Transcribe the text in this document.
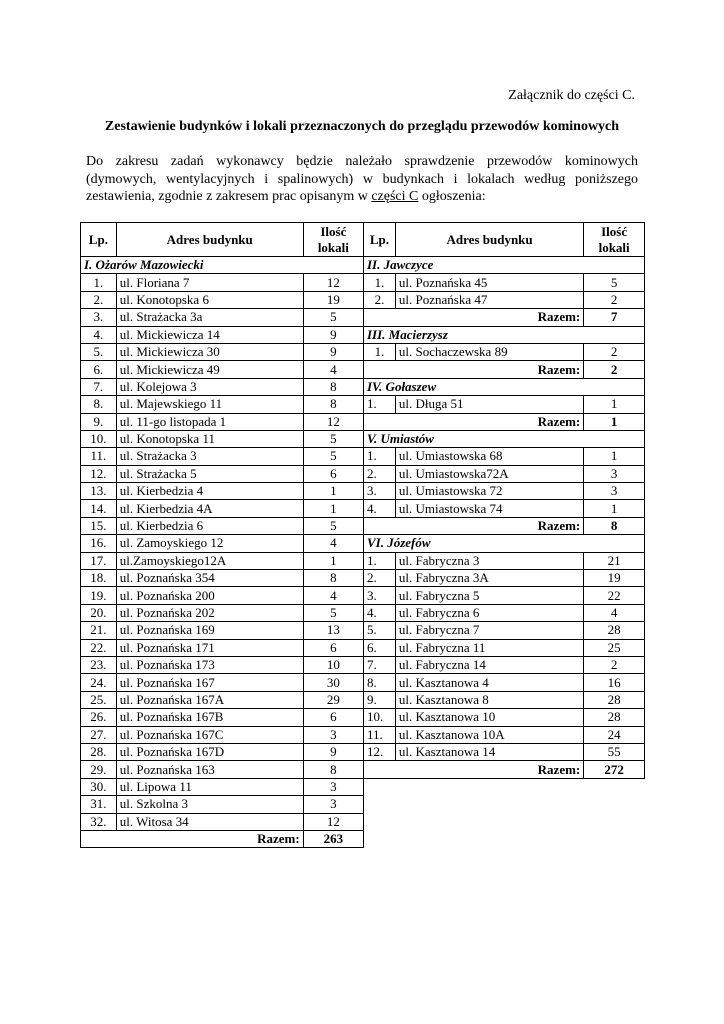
Załącznik do części C.
Zestawienie budynków i lokali przeznaczonych do przeglądu przewodów kominowych
Do zakresu zadań wykonawcy będzie należało sprawdzenie przewodów kominowych (dymowych, wentylacyjnych i spalinowych) w budynkach i lokalach według poniższego zestawienia, zgodnie z zakresem prac opisanym w części C ogłoszenia:
Lp.	Adres budynku	Ilość
lokali
I. Ożarów Mazowiecki		
1.	ul. Floriana 7	12
2.	ul. Konotopska 6	19
3.	ul. Strażacka 3a	5
4.	ul. Mickiewicza 14	9
5.	ul. Mickiewicza 30	9
6.	ul. Mickiewicza 49	4
7.	ul. Kolejowa 3	8
8.	ul. Majewskiego 11	8
9.	ul. 11-go listopada 1	12
10.	ul. Konotopska 11	5
11.	ul. Strażacka 3	5
12.	ul. Strażacka 5	6
13.	ul. Kierbedzia 4	1
14.	ul. Kierbedzia 4A	1
15.	ul. Kierbedzia 6	5
16.	ul. Zamoyskiego 12	4
17.	ul.Zamoyskiego12A	1
18.	ul. Poznańska 354	8
19.	ul. Poznańska 200	4
20.	ul. Poznańska 202	5
21.	ul. Poznańska 169	13
22.	ul. Poznańska 171	6
23.	ul. Poznańska 173	10
24.	ul. Poznańska 167	30
25.	ul. Poznańska 167A	29
26.	ul. Poznańska 167B	6
27.	ul. Poznańska 167C	3
28.	ul. Poznańska 167D	9
29.	ul. Poznańska 163	8
30.	ul. Lipowa 11	3
31.	ul. Szkolna 3	3
32.	ul. Witosa 34	12
Razem:		263
Lp.	Adres budynku	Ilość
lokali
II. Jawczyce		
1.	ul. Poznańska 45	5
2.	ul. Poznańska 47	2
Razem:		7
III. Macierzysz		
1.	ul. Sochaczewska 89	2
Razem:		2
IV. Gołaszew		
1.	ul. Długa 51	1
Razem:		1
V. Umiastów		
1.	ul. Umiastowska 68	1
2.	ul. Umiastowska72A	3
3.	ul. Umiastowska 72	3
4.	ul. Umiastowska 74	1
Razem:		8
VI. Józefów		
1.	ul. Fabryczna 3	21
2.	ul. Fabryczna 3A	19
3.	ul. Fabryczna 5	22
4.	ul. Fabryczna 6	4
5.	ul. Fabryczna 7	28
6.	ul. Fabryczna 11	25
7.	ul. Fabryczna 14	2
8.	ul. Kasztanowa 4	16
9.	ul. Kasztanowa 8	28
10.	ul. Kasztanowa 10	28
11.	ul. Kasztanowa 10A	24
12.	ul. Kasztanowa 14	55
Razem:		272
